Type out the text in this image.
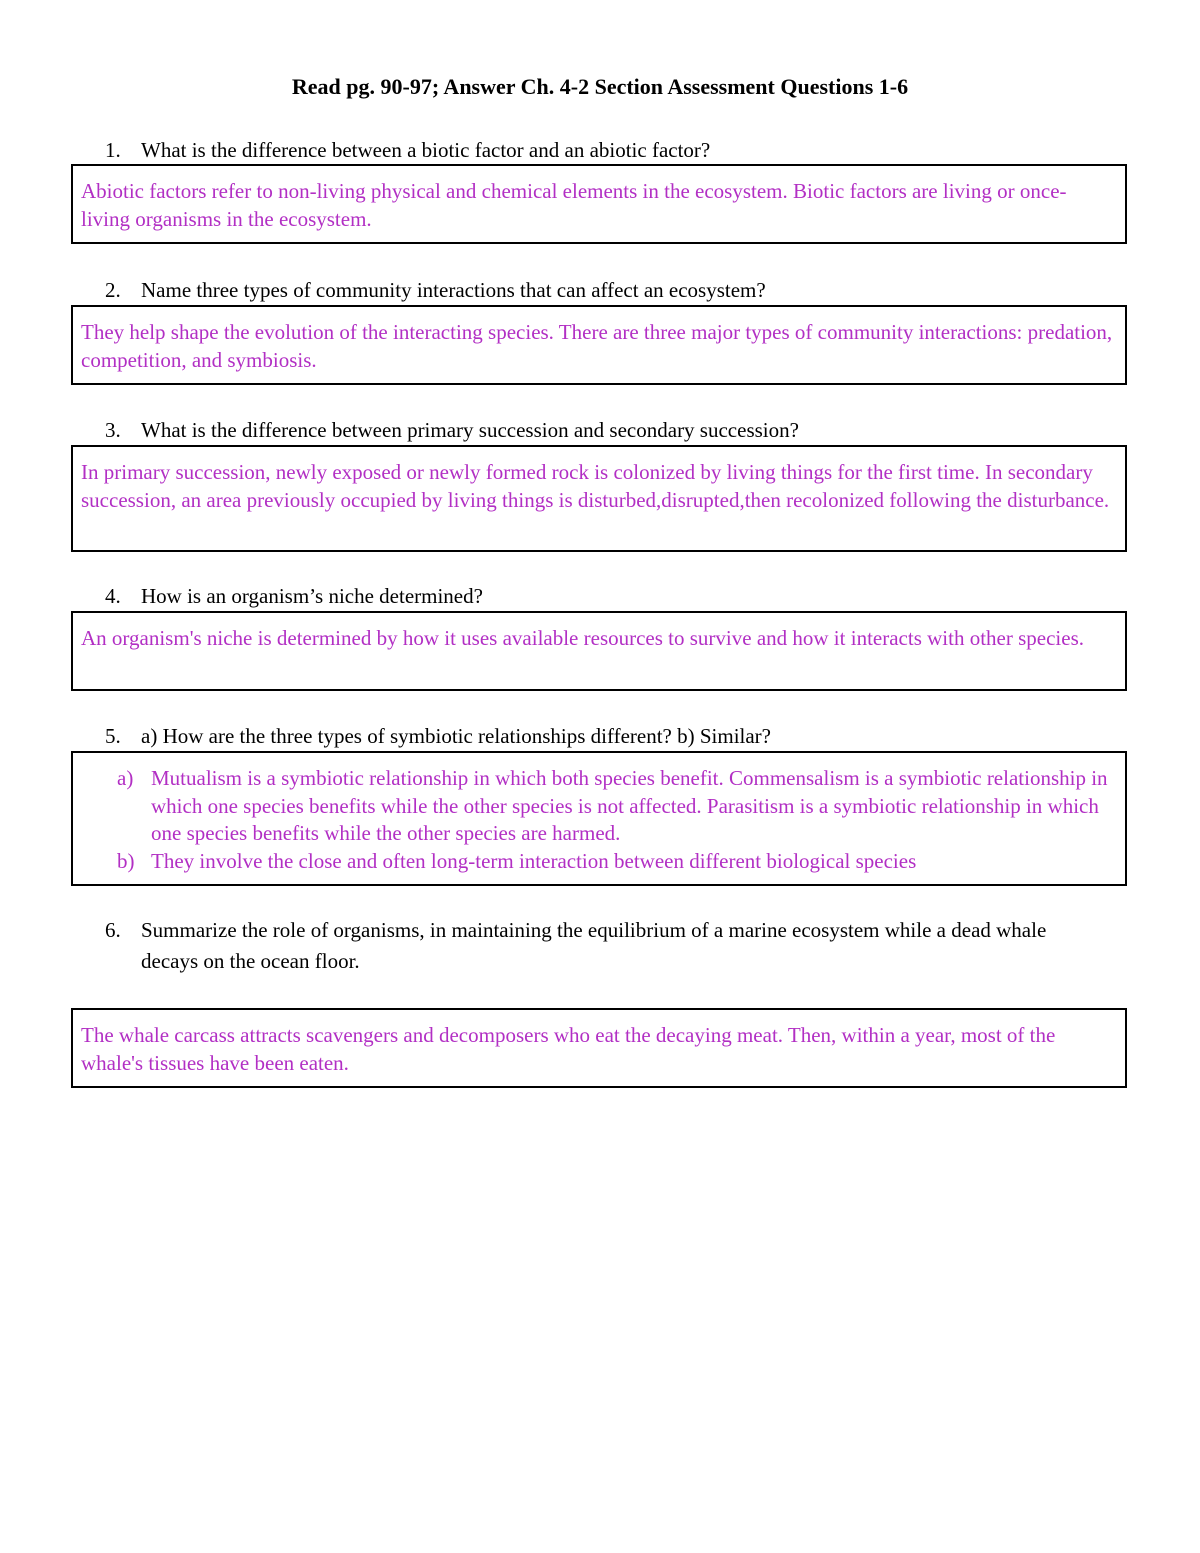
Read pg. 90-97; Answer Ch. 4-2 Section Assessment Questions 1-6
1. What is the difference between a biotic factor and an abiotic factor?
Abiotic factors refer to non-living physical and chemical elements in the ecosystem. Biotic factors are living or once-living organisms in the ecosystem.
2. Name three types of community interactions that can affect an ecosystem?
They help shape the evolution of the interacting species. There are three major types of community interactions: predation, competition, and symbiosis.
3. What is the difference between primary succession and secondary succession?
In primary succession, newly exposed or newly formed rock is colonized by living things for the first time. In secondary succession, an area previously occupied by living things is disturbed,disrupted,then recolonized following the disturbance.
4. How is an organism’s niche determined?
An organism's niche is determined by how it uses available resources to survive and how it interacts with other species.
5. a) How are the three types of symbiotic relationships different? b) Similar?
a) Mutualism is a symbiotic relationship in which both species benefit. Commensalism is a symbiotic relationship in which one species benefits while the other species is not affected. Parasitism is a symbiotic relationship in which one species benefits while the other species are harmed.
b) They involve the close and often long-term interaction between different biological species
6. Summarize the role of organisms, in maintaining the equilibrium of a marine ecosystem while a dead whale decays on the ocean floor.
The whale carcass attracts scavengers and decomposers who eat the decaying meat. Then, within a year, most of the whale's tissues have been eaten.
